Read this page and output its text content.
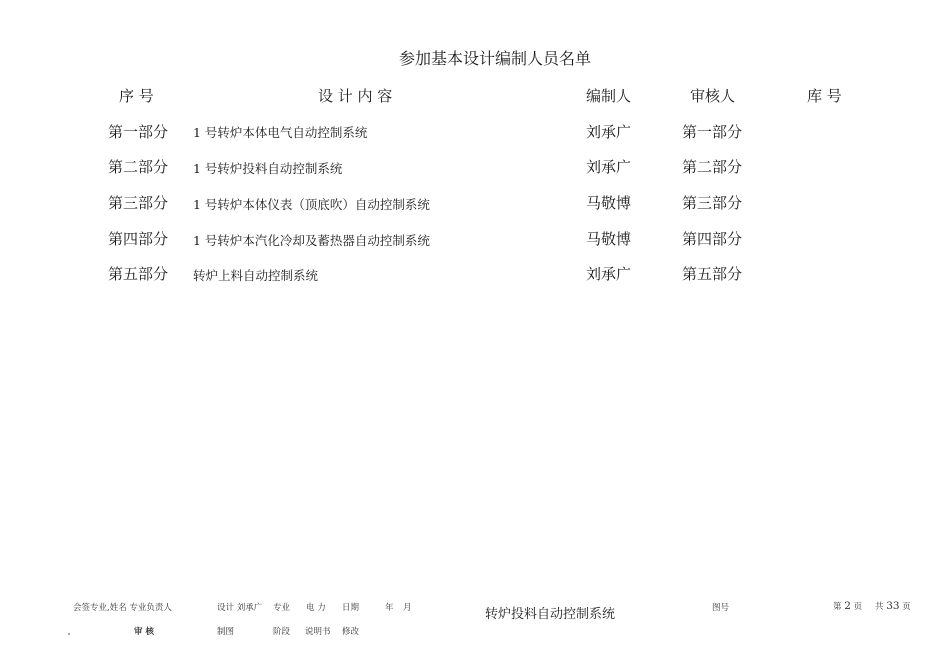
参加基本设计编制人员名单
序 号	设 计 内 容	编制人	审核人	库 号
第一部分 1 号转炉本体电气自动控制系统	刘承广	第一部分
第二部分 1 号转炉投料自动控制系统	刘承广	第二部分
第三部分 1 号转炉本体仪表（顶底吹）自动控制系统	马敬博	第三部分
第四部分 1 号转炉本汽化冷却及蓄热器自动控制系统	马敬博	第四部分
第五部分 转炉上料自动控制系统	刘承广	第五部分
会签专业,姓名 专业负责人	设计 刘承广 专业 电 力 日期	年 月
审 核	制图	阶段 说明书 修改
转炉投料自动控制系统	图号	第 2 页 共 33 页
